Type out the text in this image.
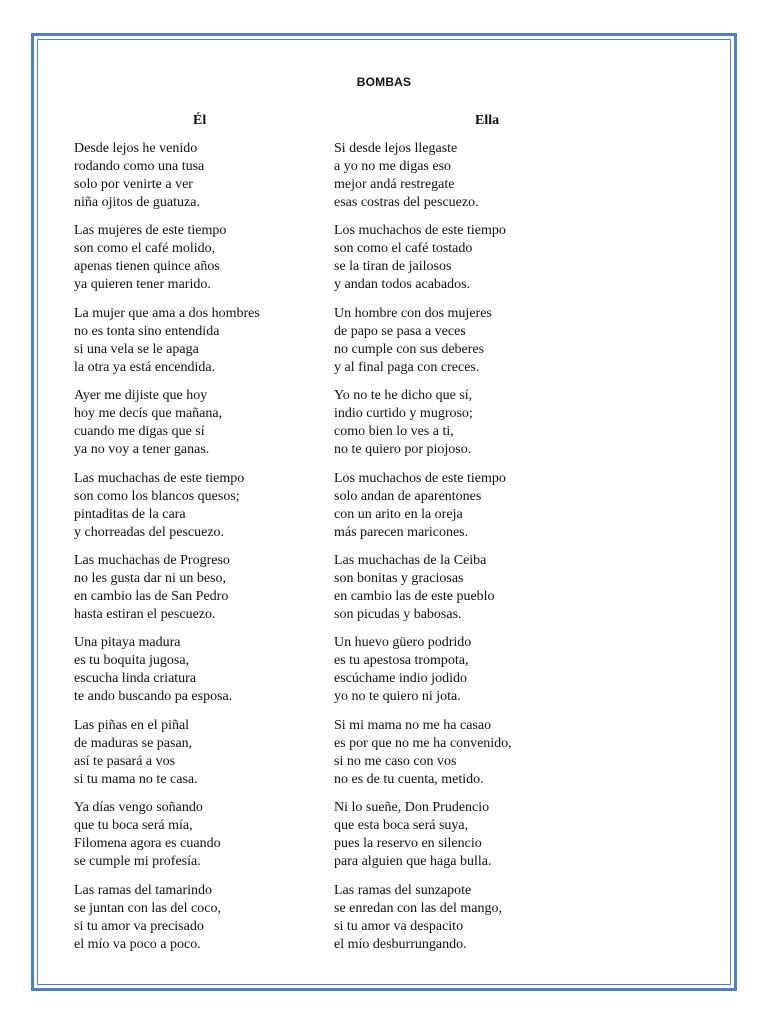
BOMBAS
Él	Ella
Desde lejos he venido
rodando como una tusa
solo por venirte a ver
niña ojitos de guatuza.
Las mujeres de este tiempo
son como el café molido,
apenas tienen quince años
ya quieren tener marido.
La mujer que ama a dos hombres
no es tonta sino entendida
si una vela se le apaga
la otra ya está encendida.
Ayer me dijiste que hoy
hoy me decís que mañana,
cuando me digas que sí
ya no voy a tener ganas.
Las muchachas de este tiempo
son como los blancos quesos;
pintaditas de la cara
y chorreadas del pescuezo.
Las muchachas de Progreso
no les gusta dar ni un beso,
en cambio las de San Pedro
hasta estiran el pescuezo.
Una pitaya madura
es tu boquita jugosa,
escucha linda criatura
te ando buscando pa esposa.
Las piñas en el piñal
de maduras se pasan,
así te pasará a vos
si tu mama no te casa.
Ya días vengo soñando
que tu boca será mía,
Filomena agora es cuando
se cumple mi profesía.
Las ramas del tamarindo
se juntan con las del coco,
si tu amor va precisado
el mío va poco a poco.
Si desde lejos llegaste
a yo no me digas eso
mejor andá restregate
esas costras del pescuezo.
Los muchachos de este tiempo
son como el café tostado
se la tiran de jailosos
y andan todos acabados.
Un hombre con dos mujeres
de papo se pasa a veces
no cumple con sus deberes
y al final paga con creces.
Yo no te he dicho que sí,
indio curtido y mugroso;
como bien lo ves a ti,
no te quiero por piojoso.
Los muchachos de este tiempo
solo andan de aparentones
con un arito en la oreja
más parecen maricones.
Las muchachas de la Ceiba
son bonitas y graciosas
en cambio las de este pueblo
son picudas y babosas.
Un huevo güero podrido
es tu apestosa trompota,
escúchame indio jodido
yo no te quiero ni jota.
Si mi mama no me ha casao
es por que no me ha convenido,
si no me caso con vos
no es de tu cuenta, metido.
Ni lo sueñe, Don Prudencio
que esta boca será suya,
pues la reservo en silencio
para alguien que haga bulla.
Las ramas del sunzapote
se enredan con las del mango,
si tu amor va despacito
el mío desburrungando.
